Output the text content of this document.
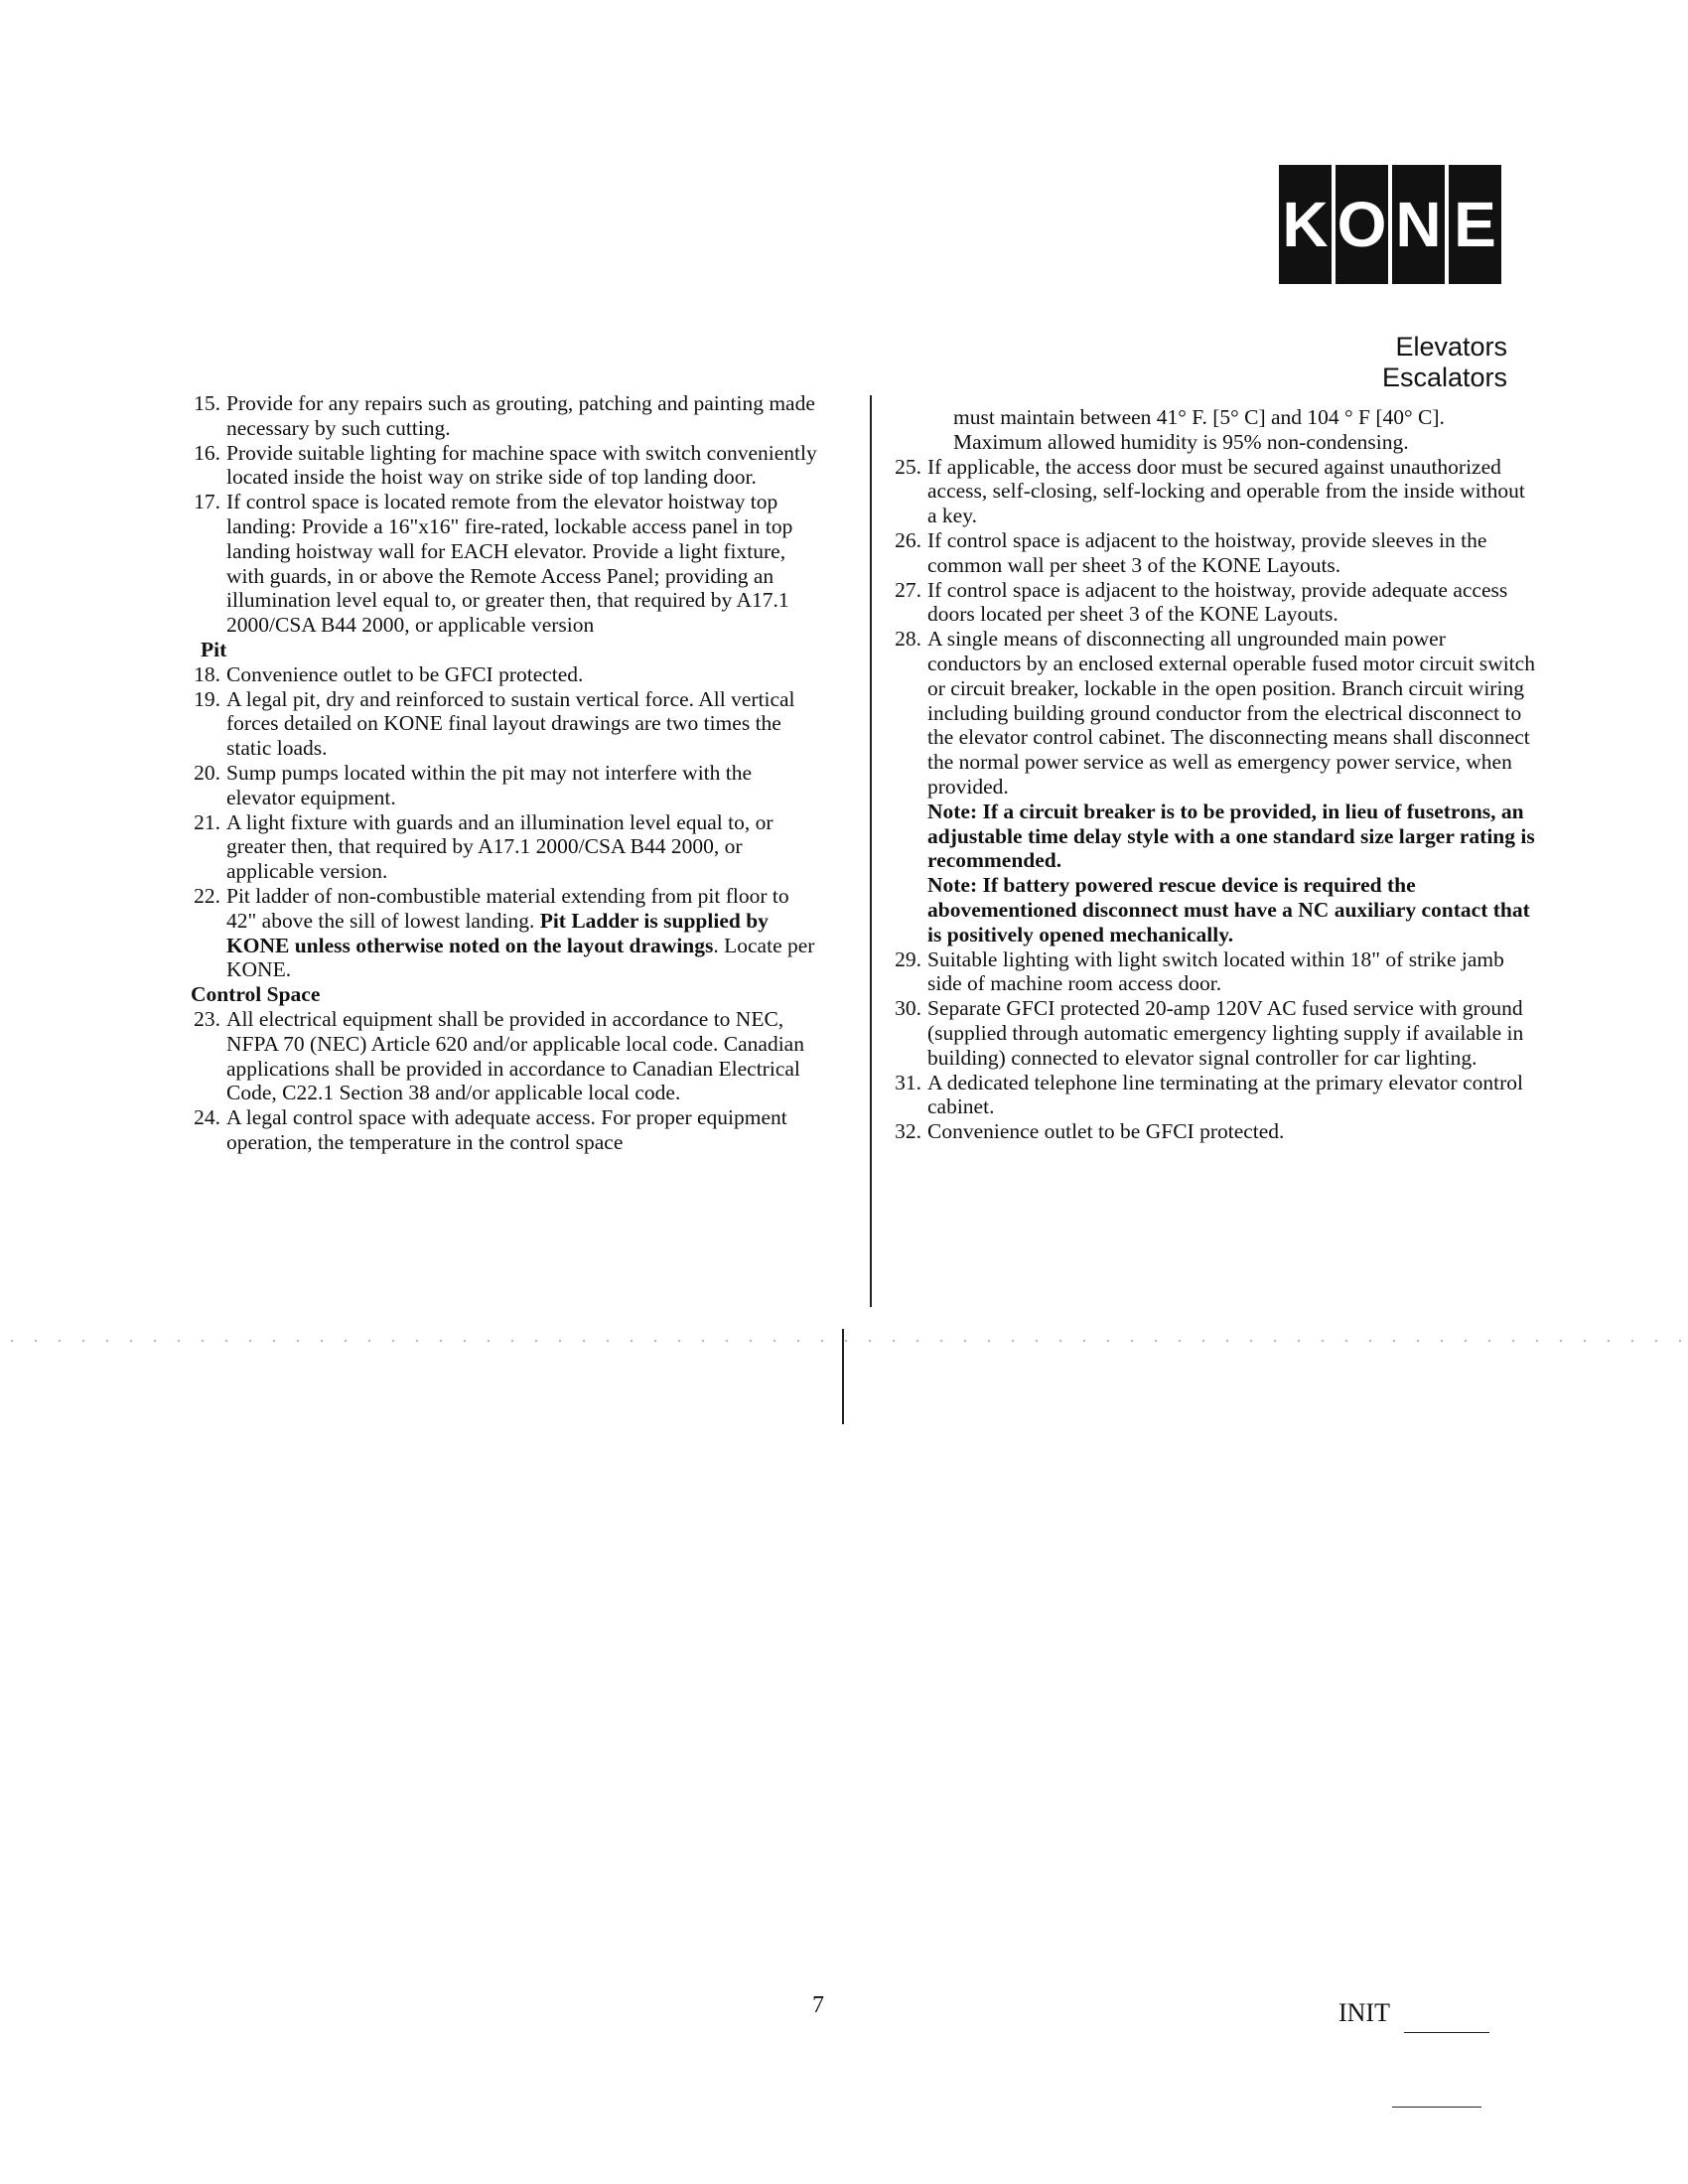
K O N E
Elevators Escalators

15. Provide for any repairs such as grouting, patching and painting made necessary by such cutting.

16. Provide suitable lighting for machine space with switch conveniently located inside the hoist way on strike side of top landing door.

17. If control space is located remote from the elevator hoistway top landing: Provide a 16"x16" fire-rated, lockable access panel in top landing hoistway wall for EACH elevator. Provide a light fixture, with guards, in or above the Remote Access Panel; providing an illumination level equal to, or greater then, that required by A17.1 2000/CSA B44 2000, or applicable version

Pit

18. Convenience outlet to be GFCI protected.

19. A legal pit, dry and reinforced to sustain vertical force. All vertical forces detailed on KONE final layout drawings are two times the static loads.

20. Sump pumps located within the pit may not interfere with the elevator equipment.

21. A light fixture with guards and an illumination level equal to, or greater then, that required by A17.1 2000/CSA B44 2000, or applicable version.

22. Pit ladder of non-combustible material extending from pit floor to 42" above the sill of lowest landing. Pit Ladder is supplied by KONE unless otherwise noted on the layout drawings. Locate per KONE.

Control Space

23. All electrical equipment shall be provided in accordance to NEC, NFPA 70 (NEC) Article 620 and/or applicable local code. Canadian applications shall be provided in accordance to Canadian Electrical Code, C22.1 Section 38 and/or applicable local code.

24. A legal control space with adequate access. For proper equipment operation, the temperature in the control space

must maintain between 41° F. [5° C] and 104 ° F [40° C]. Maximum allowed humidity is 95% non-condensing.

25. If applicable, the access door must be secured against unauthorized access, self-closing, self-locking and operable from the inside without a key.

26. If control space is adjacent to the hoistway, provide sleeves in the common wall per sheet 3 of the KONE Layouts.

27. If control space is adjacent to the hoistway, provide adequate access doors located per sheet 3 of the KONE Layouts.

28. A single means of disconnecting all ungrounded main power conductors by an enclosed external operable fused motor circuit switch or circuit breaker, lockable in the open position. Branch circuit wiring including building ground conductor from the electrical disconnect to the elevator control cabinet. The disconnecting means shall disconnect the normal power service as well as emergency power service, when provided.
Note: If a circuit breaker is to be provided, in lieu of fusetrons, an adjustable time delay style with a one standard size larger rating is recommended.
Note: If battery powered rescue device is required the abovementioned disconnect must have a NC auxiliary contact that is positively opened mechanically.

29. Suitable lighting with light switch located within 18" of strike jamb side of machine room access door.

30. Separate GFCI protected 20-amp 120V AC fused service with ground (supplied through automatic emergency lighting supply if available in building) connected to elevator signal controller for car lighting.

31. A dedicated telephone line terminating at the primary elevator control cabinet.

32. Convenience outlet to be GFCI protected.

7	INIT
